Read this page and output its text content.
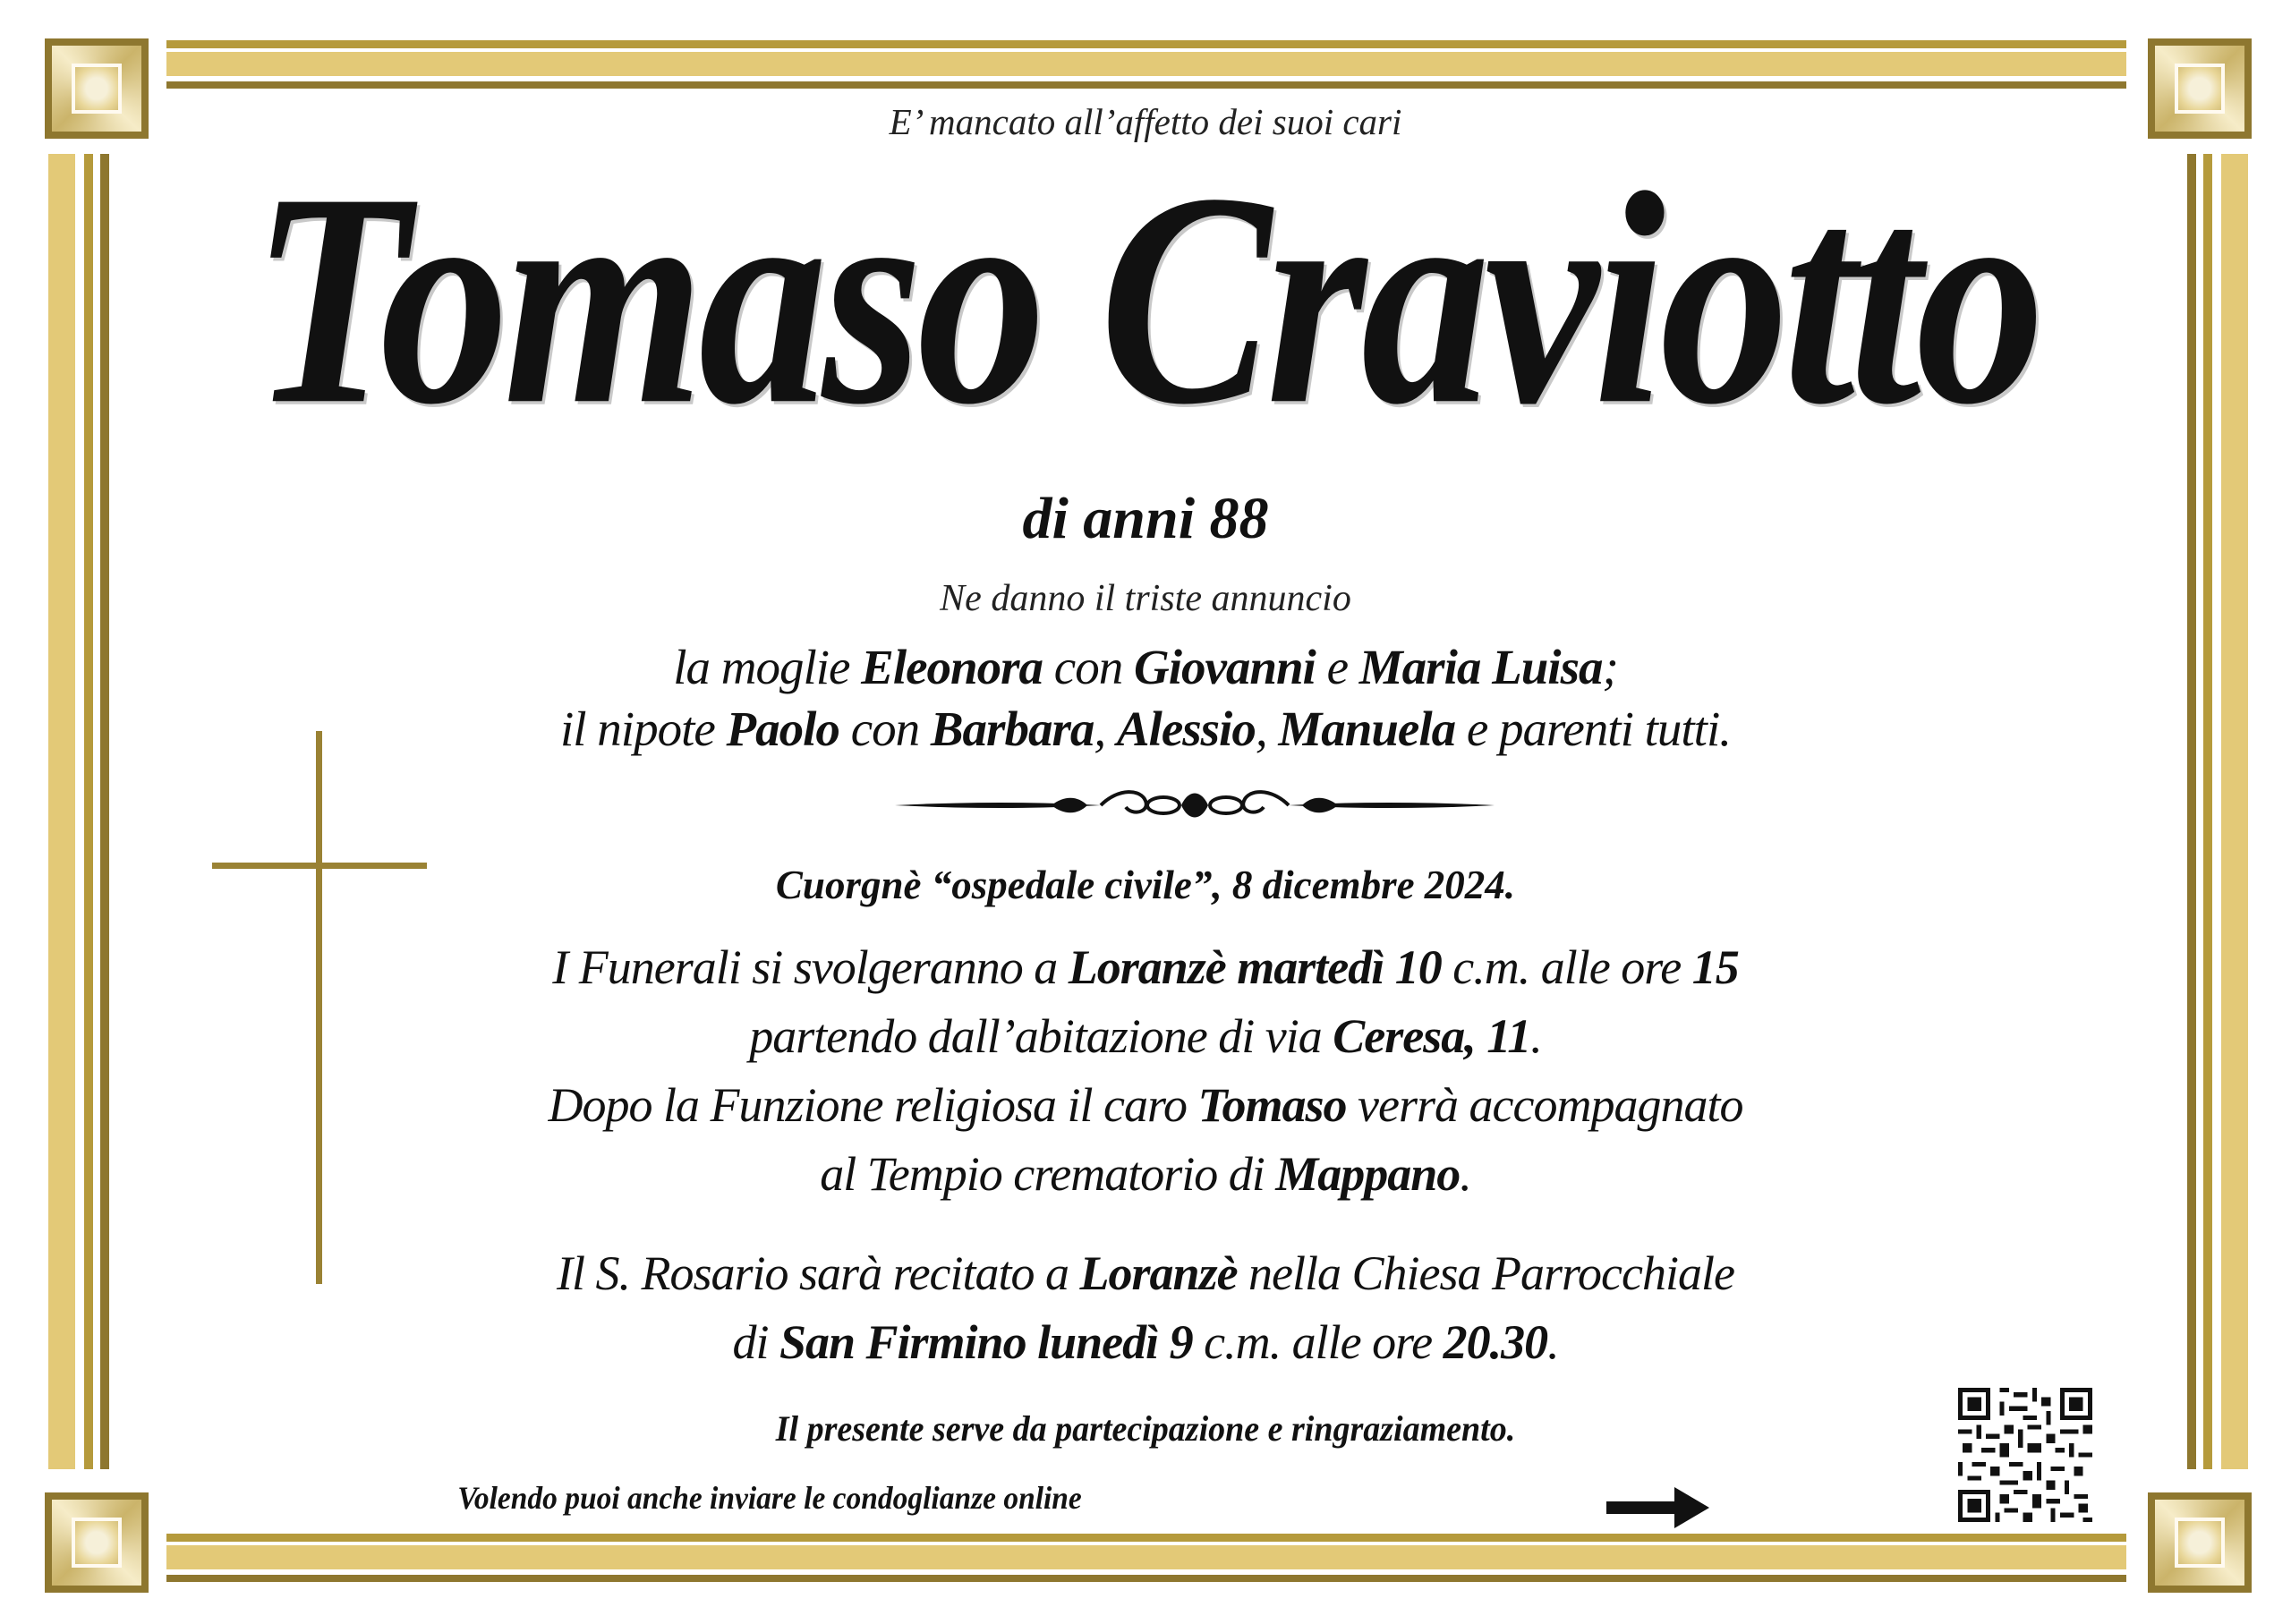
E’ mancato all’affetto dei suoi cari
Tomaso Craviotto
di anni 88
Ne danno il triste annuncio
la moglie Eleonora con Giovanni e Maria Luisa;
il nipote Paolo con Barbara, Alessio, Manuela e parenti tutti.
Cuorgnè “ospedale civile”, 8 dicembre 2024.
I Funerali si svolgeranno a Loranzè martedì 10 c.m. alle ore 15
partendo dall’abitazione di via Ceresa, 11.
Dopo la Funzione religiosa il caro Tomaso verrà accompagnato
al Tempio crematorio di Mappano.
Il S. Rosario sarà recitato a Loranzè nella Chiesa Parrocchiale
di San Firmino lunedì 9 c.m. alle ore 20.30.
Il presente serve da partecipazione e ringraziamento.
Volendo puoi anche inviare le condoglianze online
